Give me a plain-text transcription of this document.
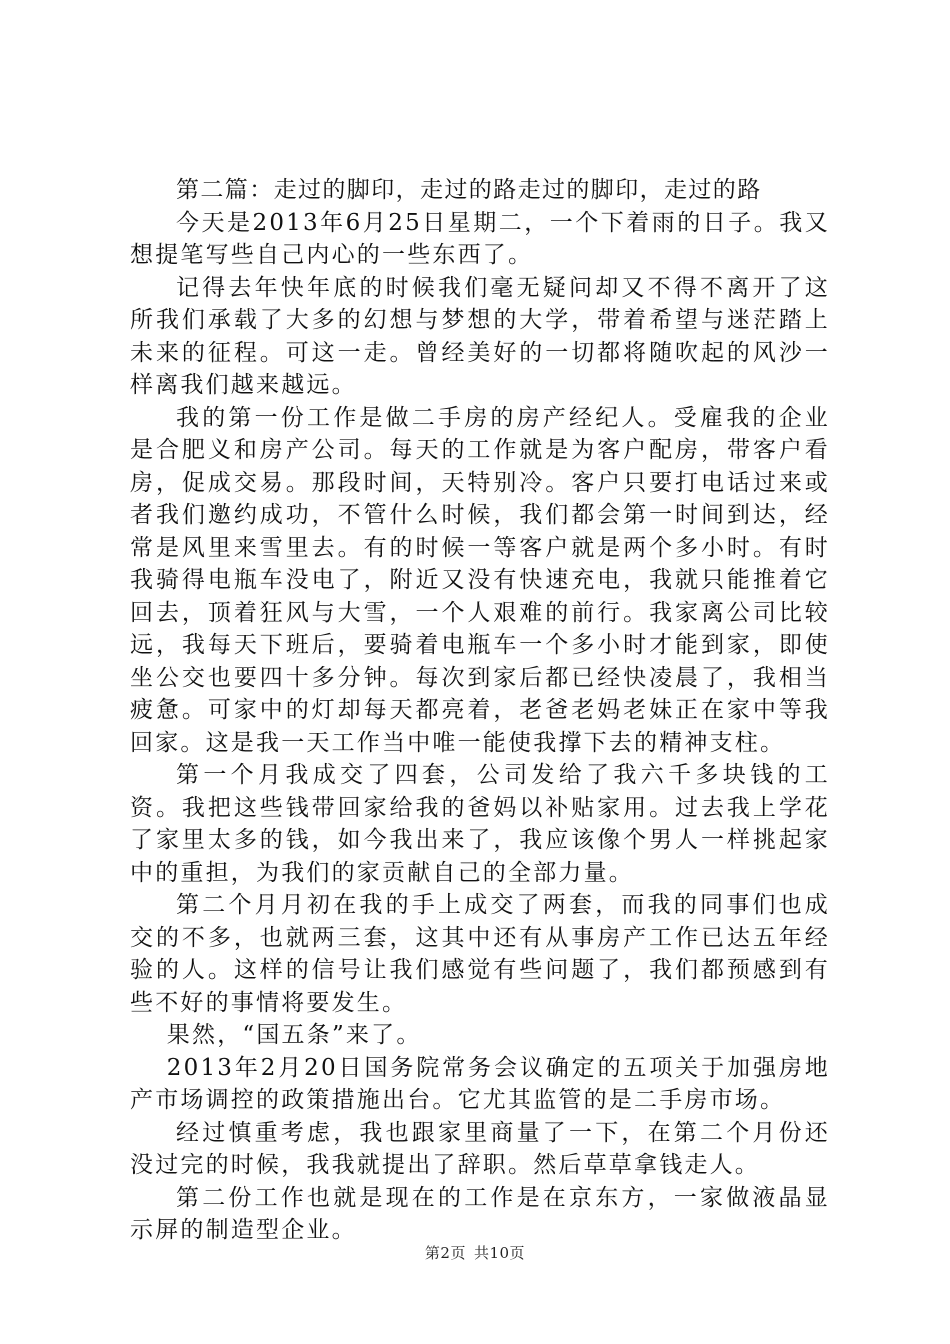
第二篇：走过的脚印，走过的路走过的脚印，走过的路

今天是2013年6月25日星期二，一个下着雨的日子。我又想提笔写些自己内心的一些东西了。

记得去年快年底的时候我们毫无疑问却又不得不离开了这所我们承载了大多的幻想与梦想的大学，带着希望与迷茫踏上未来的征程。可这一走。曾经美好的一切都将随吹起的风沙一样离我们越来越远。

我的第一份工作是做二手房的房产经纪人。受雇我的企业是合肥义和房产公司。每天的工作就是为客户配房，带客户看房，促成交易。那段时间，天特别冷。客户只要打电话过来或者我们邀约成功，不管什么时候，我们都会第一时间到达，经常是风里来雪里去。有的时候一等客户就是两个多小时。有时我骑得电瓶车没电了，附近又没有快速充电，我就只能推着它回去，顶着狂风与大雪，一个人艰难的前行。我家离公司比较远，我每天下班后，要骑着电瓶车一个多小时才能到家，即使坐公交也要四十多分钟。每次到家后都已经快凌晨了，我相当疲惫。可家中的灯却每天都亮着，老爸老妈老妹正在家中等我回家。这是我一天工作当中唯一能使我撑下去的精神支柱。

第一个月我成交了四套，公司发给了我六千多块钱的工资。我把这些钱带回家给我的爸妈以补贴家用。过去我上学花了家里太多的钱，如今我出来了，我应该像个男人一样挑起家中的重担，为我们的家贡献自己的全部力量。

第二个月月初在我的手上成交了两套，而我的同事们也成交的不多，也就两三套，这其中还有从事房产工作已达五年经验的人。这样的信号让我们感觉有些问题了，我们都预感到有些不好的事情将要发生。

果然，“国五条”来了。

2013年2月20日国务院常务会议确定的五项关于加强房地产市场调控的政策措施出台。它尤其监管的是二手房市场。

经过慎重考虑，我也跟家里商量了一下，在第二个月份还没过完的时候，我我就提出了辞职。然后草草拿钱走人。

第二份工作也就是现在的工作是在京东方，一家做液晶显示屏的制造型企业。

第2页 共10页
